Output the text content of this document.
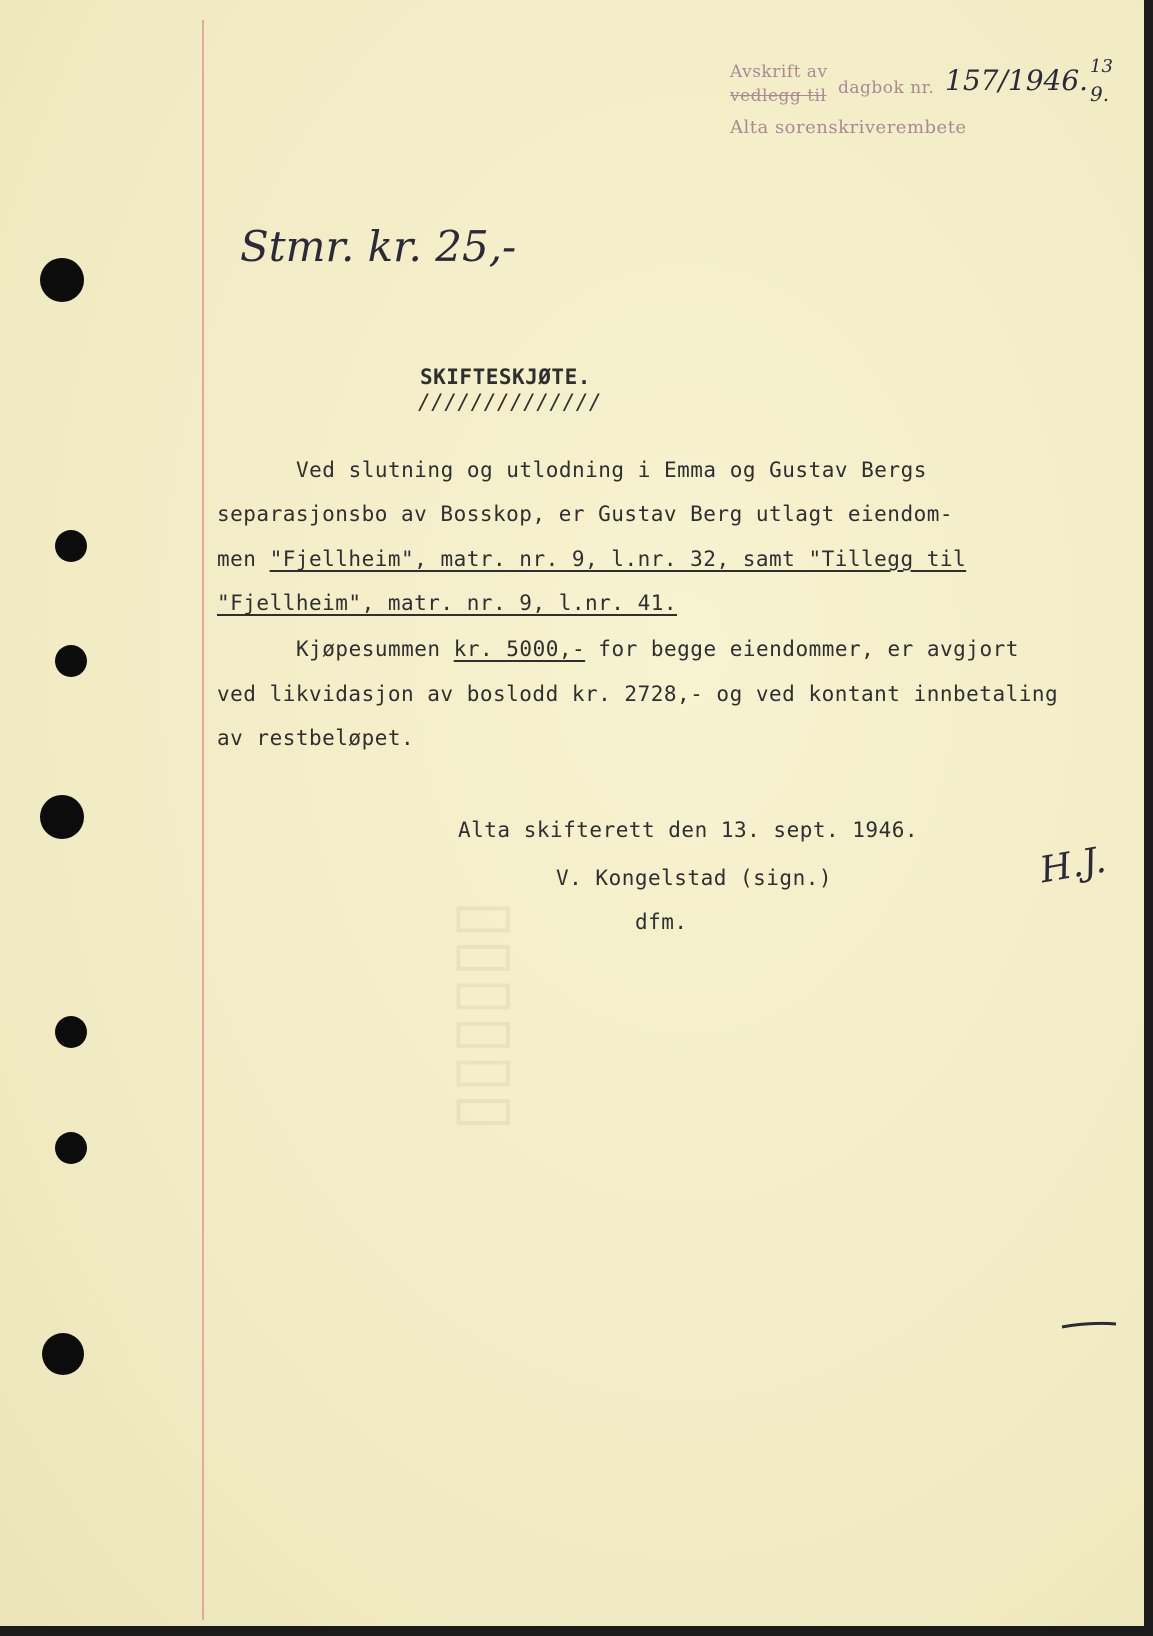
▯▯▯▯▯▯
Avskrift av
vedlegg til dagbok nr. 157/1946. 13
9.
Alta sorenskriverembete
Stmr. kr. 25,-
SKIFTESKJØTE.
//////////////
Ved slutning og utlodning i Emma og Gustav Bergs
separasjonsbo av Bosskop, er Gustav Berg utlagt eiendom-
men "Fjellheim", matr. nr. 9, l.nr. 32, samt "Tillegg til
"Fjellheim", matr. nr. 9, l.nr. 41.
Kjøpesummen kr. 5000,- for begge eiendommer, er avgjort
ved likvidasjon av boslodd kr. 2728,- og ved kontant innbetaling
av restbeløpet.
Alta skifterett den 13. sept. 1946.
V. Kongelstad (sign.)
dfm.
H.J.
